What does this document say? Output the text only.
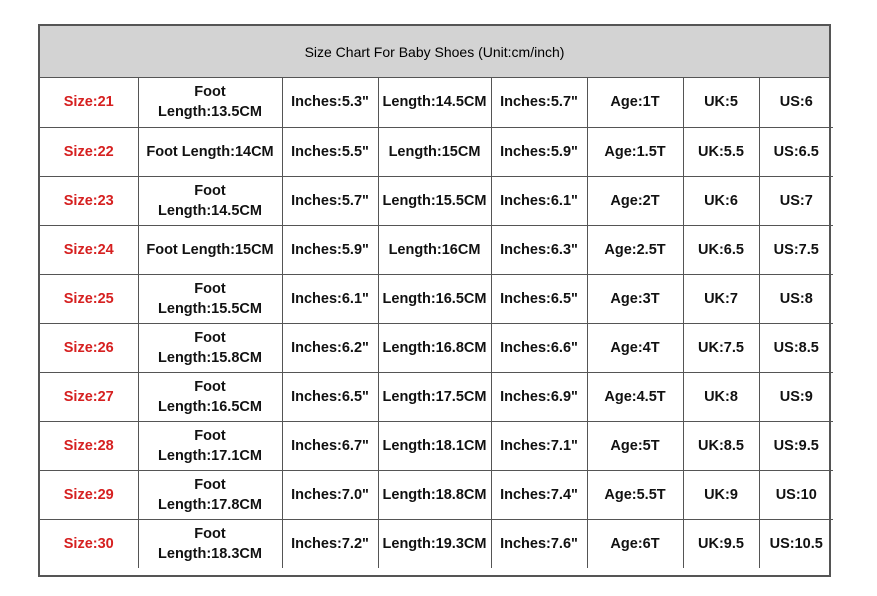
Size Chart For Baby Shoes (Unit:cm/inch)
Size:21	Foot Length:13.5CM	Inches:5.3"	Length:14.5CM	Inches:5.7"	Age:1T	UK:5	US:6
Size:22	Foot Length:14CM	Inches:5.5"	Length:15CM	Inches:5.9"	Age:1.5T	UK:5.5	US:6.5
Size:23	Foot Length:14.5CM	Inches:5.7"	Length:15.5CM	Inches:6.1"	Age:2T	UK:6	US:7
Size:24	Foot Length:15CM	Inches:5.9"	Length:16CM	Inches:6.3"	Age:2.5T	UK:6.5	US:7.5
Size:25	Foot Length:15.5CM	Inches:6.1"	Length:16.5CM	Inches:6.5"	Age:3T	UK:7	US:8
Size:26	Foot Length:15.8CM	Inches:6.2"	Length:16.8CM	Inches:6.6"	Age:4T	UK:7.5	US:8.5
Size:27	Foot Length:16.5CM	Inches:6.5"	Length:17.5CM	Inches:6.9"	Age:4.5T	UK:8	US:9
Size:28	Foot Length:17.1CM	Inches:6.7"	Length:18.1CM	Inches:7.1"	Age:5T	UK:8.5	US:9.5
Size:29	Foot Length:17.8CM	Inches:7.0"	Length:18.8CM	Inches:7.4"	Age:5.5T	UK:9	US:10
Size:30	Foot Length:18.3CM	Inches:7.2"	Length:19.3CM	Inches:7.6"	Age:6T	UK:9.5	US:10.5
